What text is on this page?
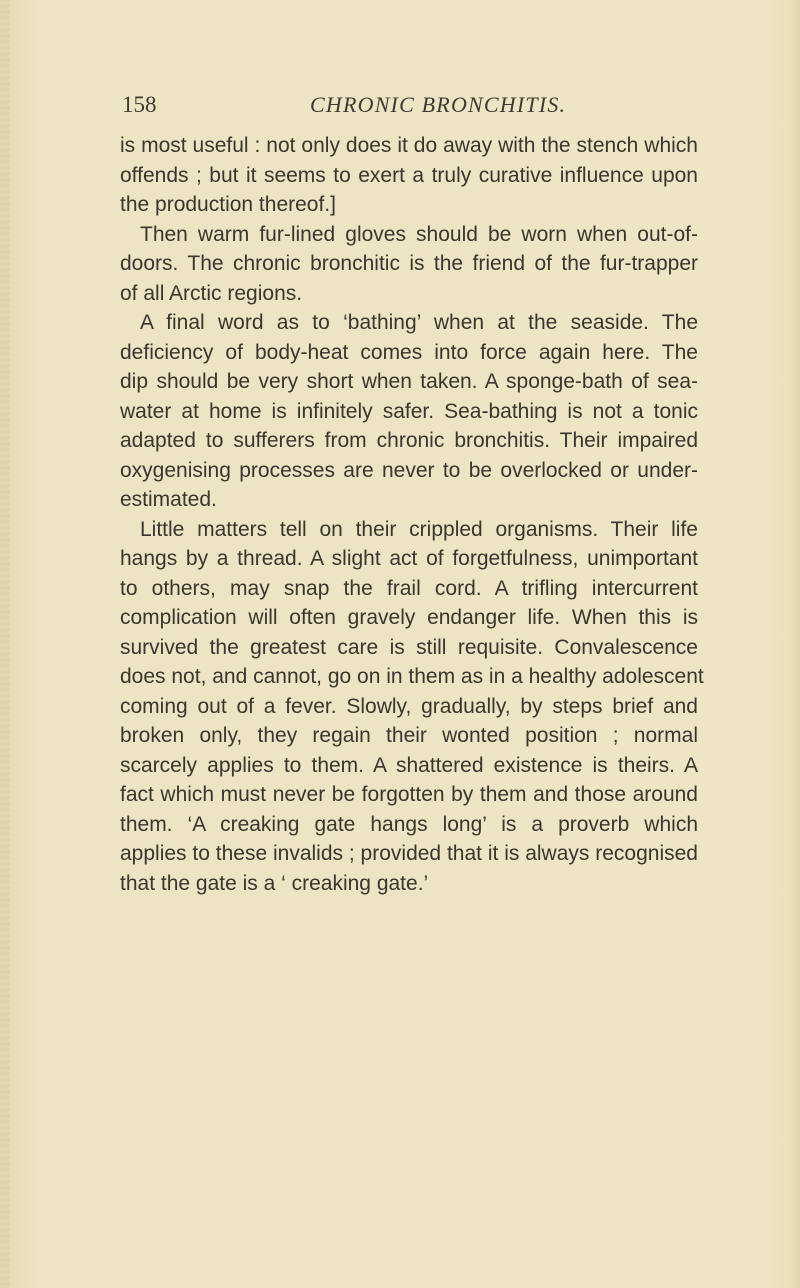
158	CHRONIC BRONCHITIS.
is most useful : not only does it do away with the stench which
offends ; but it seems to exert a truly curative influence upon
the production thereof.]
Then warm fur-lined gloves should be worn when out-of-
doors. The chronic bronchitic is the friend of the fur-trapper
of all Arctic regions.
A final word as to ‘bathing’ when at the seaside. The
deficiency of body-heat comes into force again here. The
dip should be very short when taken. A sponge-bath of sea-
water at home is infinitely safer. Sea-bathing is not a tonic
adapted to sufferers from chronic bronchitis. Their impaired
oxygenising processes are never to be overlocked or under-
estimated.
Little matters tell on their crippled organisms. Their life
hangs by a thread. A slight act of forgetfulness, unimportant
to others, may snap the frail cord. A trifling intercurrent
complication will often gravely endanger life. When this is
survived the greatest care is still requisite. Convalescence
does not, and cannot, go on in them as in a healthy adolescent
coming out of a fever. Slowly, gradually, by steps brief and
broken only, they regain their wonted position ; normal
scarcely applies to them. A shattered existence is theirs. A
fact which must never be forgotten by them and those around
them. ‘A creaking gate hangs long’ is a proverb which
applies to these invalids ; provided that it is always recognised
that the gate is a ‘ creaking gate.’
